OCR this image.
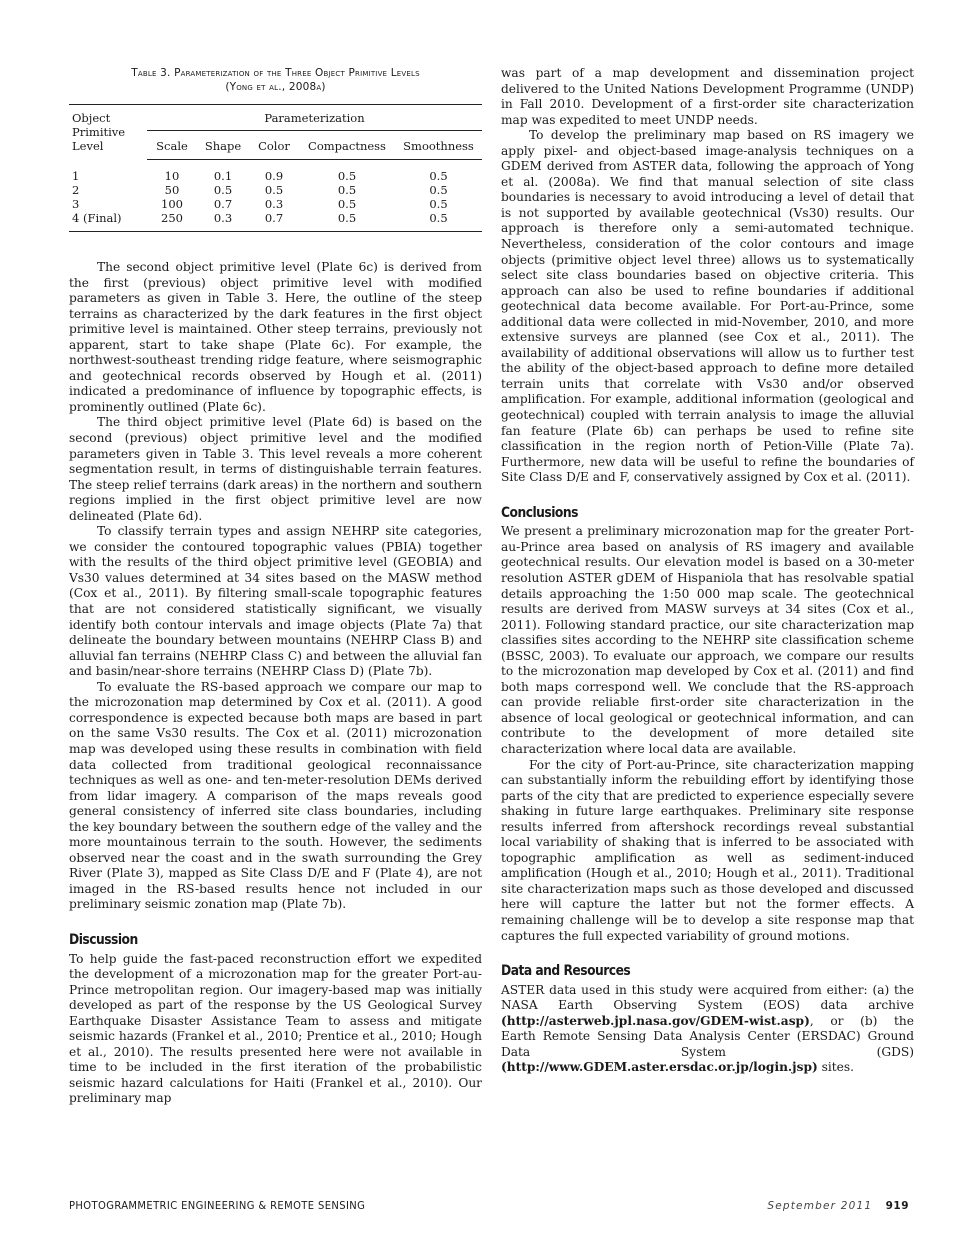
Table 3. Parameterization of the Three Object Primitive Levels
(Yong et al., 2008a)
Object Primitive Level	Parameterization				
	Scale	Shape	Color	Compactness	Smoothness
1	10	0.1	0.9	0.5	0.5
2	50	0.5	0.5	0.5	0.5
3	100	0.7	0.3	0.5	0.5
4 (Final)	250	0.3	0.7	0.5	0.5

The second object primitive level (Plate 6c) is derived from the first (previous) object primitive level with modified parameters as given in Table 3. Here, the outline of the steep terrains as characterized by the dark features in the first object primitive level is maintained. Other steep terrains, previously not apparent, start to take shape (Plate 6c). For example, the northwest-southeast trending ridge feature, where seismographic and geotechnical records observed by Hough et al. (2011) indicated a predominance of influence by topographic effects, is prominently outlined (Plate 6c).

The third object primitive level (Plate 6d) is based on the second (previous) object primitive level and the modified parameters given in Table 3. This level reveals a more coherent segmentation result, in terms of distinguishable terrain features. The steep relief terrains (dark areas) in the northern and southern regions implied in the first object primitive level are now delineated (Plate 6d).

To classify terrain types and assign NEHRP site categories, we consider the contoured topographic values (PBIA) together with the results of the third object primitive level (GEOBIA) and Vs30 values determined at 34 sites based on the MASW method (Cox et al., 2011). By filtering small-scale topographic features that are not considered statistically significant, we visually identify both contour intervals and image objects (Plate 7a) that delineate the boundary between mountains (NEHRP Class B) and alluvial fan terrains (NEHRP Class C) and between the alluvial fan and basin/near-shore terrains (NEHRP Class D) (Plate 7b).

To evaluate the RS-based approach we compare our map to the microzonation map determined by Cox et al. (2011). A good correspondence is expected because both maps are based in part on the same Vs30 results. The Cox et al. (2011) microzonation map was developed using these results in combination with field data collected from traditional geological reconnaissance techniques as well as one- and ten-meter-resolution DEMs derived from lidar imagery. A comparison of the maps reveals good general consistency of inferred site class boundaries, including the key boundary between the southern edge of the valley and the more mountainous terrain to the south. However, the sediments observed near the coast and in the swath surrounding the Grey River (Plate 3), mapped as Site Class D/E and F (Plate 4), are not imaged in the RS-based results hence not included in our preliminary seismic zonation map (Plate 7b).

Discussion

To help guide the fast-paced reconstruction effort we expedited the development of a microzonation map for the greater Port-au-Prince metropolitan region. Our imagery-based map was initially developed as part of the response by the US Geological Survey Earthquake Disaster Assistance Team to assess and mitigate seismic hazards (Frankel et al., 2010; Prentice et al., 2010; Hough et al., 2010). The results presented here were not available in time to be included in the first iteration of the probabilistic seismic hazard calculations for Haiti (Frankel et al., 2010). Our preliminary map

was part of a map development and dissemination project delivered to the United Nations Development Programme (UNDP) in Fall 2010. Development of a first-order site characterization map was expedited to meet UNDP needs.

To develop the preliminary map based on RS imagery we apply pixel- and object-based image-analysis techniques on a GDEM derived from ASTER data, following the approach of Yong et al. (2008a). We find that manual selection of site class boundaries is necessary to avoid introducing a level of detail that is not supported by available geotechnical (Vs30) results. Our approach is therefore only a semi-automated technique. Nevertheless, consideration of the color contours and image objects (primitive object level three) allows us to systematically select site class boundaries based on objective criteria. This approach can also be used to refine boundaries if additional geotechnical data become available. For Port-au-Prince, some additional data were collected in mid-November, 2010, and more extensive surveys are planned (see Cox et al., 2011). The availability of additional observations will allow us to further test the ability of the object-based approach to define more detailed terrain units that correlate with Vs30 and/or observed amplification. For example, additional information (geological and geotechnical) coupled with terrain analysis to image the alluvial fan feature (Plate 6b) can perhaps be used to refine site classification in the region north of Petion-Ville (Plate 7a). Furthermore, new data will be useful to refine the boundaries of Site Class D/E and F, conservatively assigned by Cox et al. (2011).

Conclusions

We present a preliminary microzonation map for the greater Port-au-Prince area based on analysis of RS imagery and available geotechnical results. Our elevation model is based on a 30-meter resolution ASTER gDEM of Hispaniola that has resolvable spatial details approaching the 1:50 000 map scale. The geotechnical results are derived from MASW surveys at 34 sites (Cox et al., 2011). Following standard practice, our site characterization map classifies sites according to the NEHRP site classification scheme (BSSC, 2003). To evaluate our approach, we compare our results to the microzonation map developed by Cox et al. (2011) and find both maps correspond well. We conclude that the RS-approach can provide reliable first-order site characterization in the absence of local geological or geotechnical information, and can contribute to the development of more detailed site characterization where local data are available.

For the city of Port-au-Prince, site characterization mapping can substantially inform the rebuilding effort by identifying those parts of the city that are predicted to experience especially severe shaking in future large earthquakes. Preliminary site response results inferred from aftershock recordings reveal substantial local variability of shaking that is inferred to be associated with topographic amplification as well as sediment-induced amplification (Hough et al., 2010; Hough et al., 2011). Traditional site characterization maps such as those developed and discussed here will capture the latter but not the former effects. A remaining challenge will be to develop a site response map that captures the full expected variability of ground motions.

Data and Resources

ASTER data used in this study were acquired from either: (a) the NASA Earth Observing System (EOS) data archive (http://asterweb.jpl.nasa.gov/GDEM-wist.asp), or (b) the Earth Remote Sensing Data Analysis Center (ERSDAC) Ground Data System (GDS) (http://www.GDEM.aster.ersdac.or.jp/login.jsp) sites.

PHOTOGRAMMETRIC ENGINEERING & REMOTE SENSING	September 2011 919
